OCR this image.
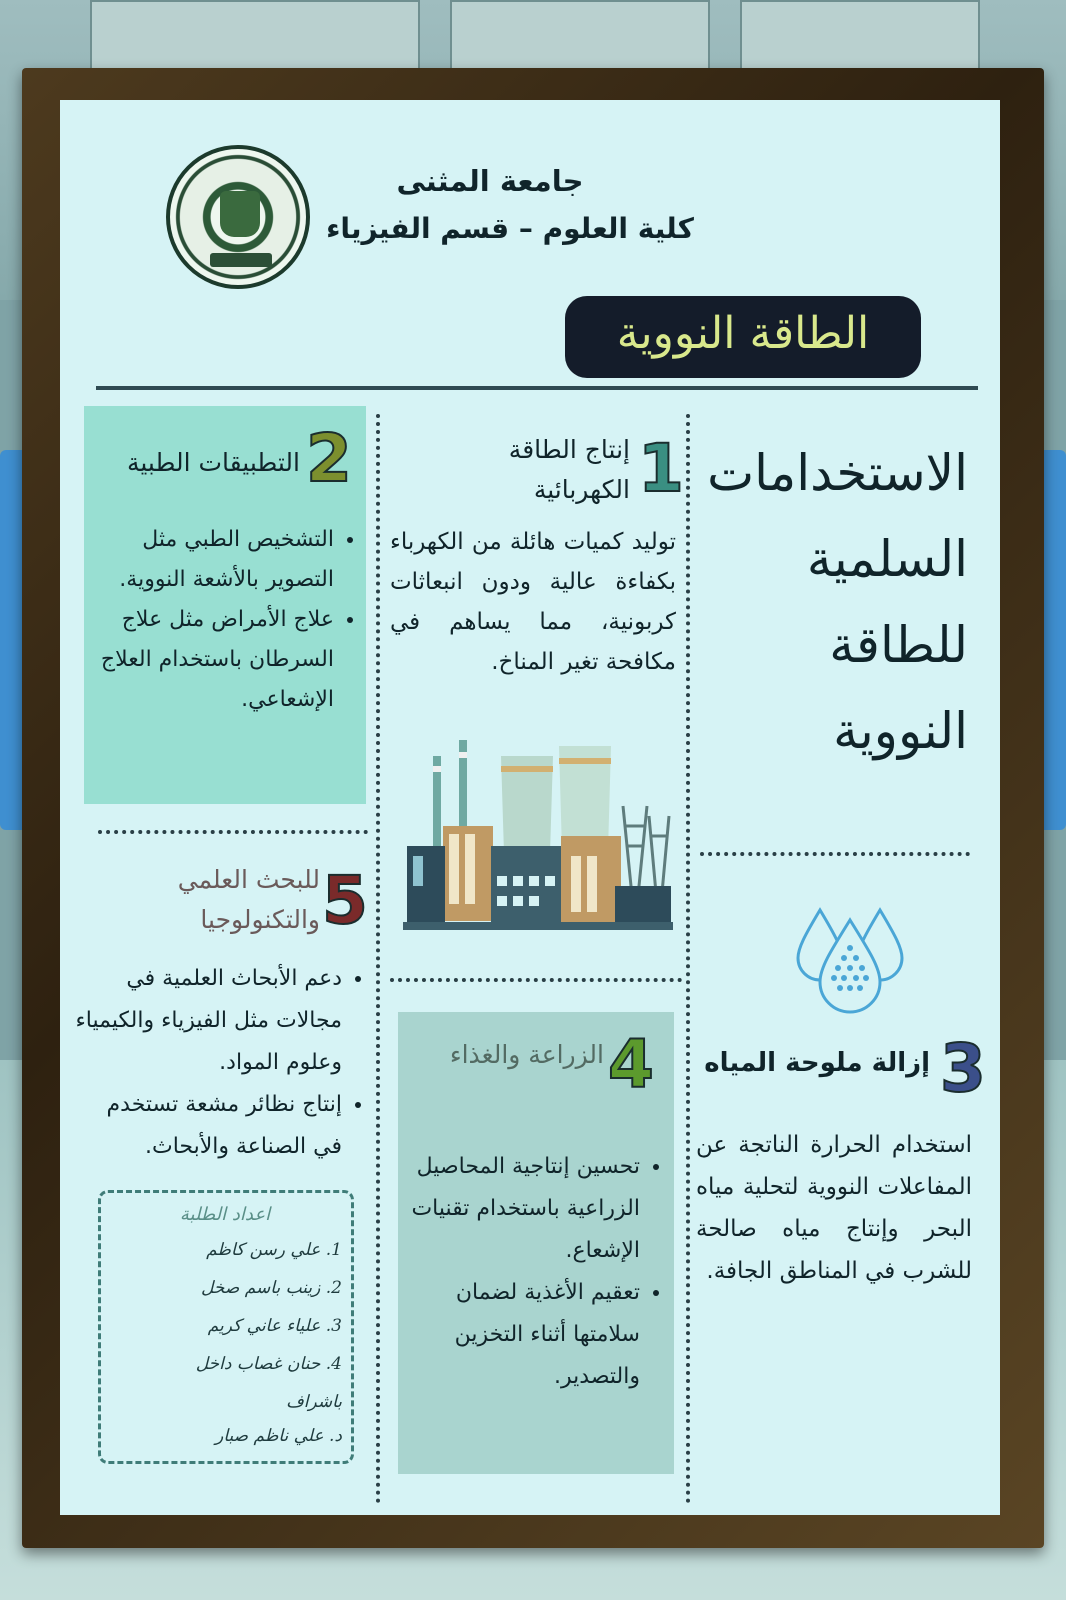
جامعة المثنى
كلية العلوم – قسم الفيزياء
الطاقة النووية
الاستخدامات السلمية للطاقة النووية
3
إزالة ملوحة المياه
استخدام الحرارة الناتجة عن المفاعلات النووية لتحلية مياه البحر وإنتاج مياه صالحة للشرب في المناطق الجافة.
1
إنتاج الطاقة الكهربائية
توليد كميات هائلة من الكهرباء بكفاءة عالية ودون انبعاثات كربونية، مما يساهم في مكافحة تغير المناخ.
4
الزراعة والغذاء
• تحسين إنتاجية المحاصيل الزراعية باستخدام تقنيات الإشعاع.
• تعقيم الأغذية لضمان سلامتها أثناء التخزين والتصدير.
2
التطبيقات الطبية
• التشخيص الطبي مثل التصوير بالأشعة النووية.
• علاج الأمراض مثل علاج السرطان باستخدام العلاج الإشعاعي.
5
للبحث العلمي والتكنولوجيا
• دعم الأبحاث العلمية في مجالات مثل الفيزياء والكيمياء وعلوم المواد.
• إنتاج نظائر مشعة تستخدم في الصناعة والأبحاث.
اعداد الطلبة
1. علي رسن كاظم
2. زينب باسم صخل
3. علياء عاني كريم
4. حنان غصاب داخل
باشراف
د. علي ناظم صبار
